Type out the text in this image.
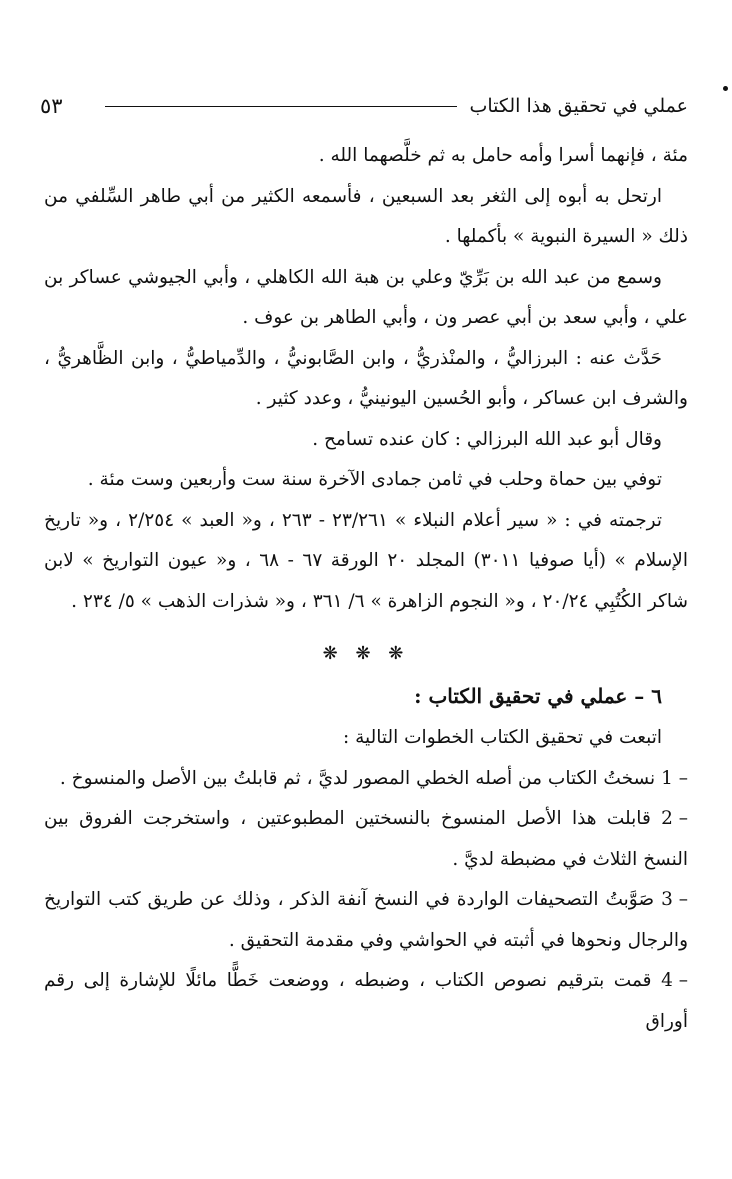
عملي في تحقيق هذا الكتاب
٥٣

مئة ، فإنهما أسرا وأمه حامل به ثم خلَّصهما الله .

ارتحل به أبوه إلى الثغر بعد السبعين ، فأسمعه الكثير من أبي طاهر السِّلفي من ذلك « السيرة النبوية » بأكملها .

وسمع من عبد الله بن بَرِّيّ وعلي بن هبة الله الكاهلي ، وأبي الجيوشي عساكر بن علي ، وأبي سعد بن أبي عصر ون ، وأبي الطاهر بن عوف .

حَدَّث عنه : البرزاليُّ ، والمنْذريُّ ، وابن الصَّابونيُّ ، والدِّمياطيُّ ، وابن الظَّاهريُّ ، والشرف ابن عساكر ، وأبو الحُسين اليونينيُّ ، وعدد كثير .

وقال أبو عبد الله البرزالي : كان عنده تسامح .

توفي بين حماة وحلب في ثامن جمادى الآخرة سنة ست وأربعين وست مئة .

ترجمته في : « سير أعلام النبلاء » ٢٣/٢٦١ - ٢٦٣ ، و« العبد » ٢/٢٥٤ ، و« تاريخ الإسلام » (أيا صوفيا ٣٠١١) المجلد ٢٠ الورقة ٦٧ - ٦٨ ، و« عيون التواريخ » لابن شاكر الكُتُبِي ٢٠/٢٤ ، و« النجوم الزاهرة » ٦/ ٣٦١ ، و« شذرات الذهب » ٥/ ٢٣٤ .

❋ ❋ ❋

٦ – عملي في تحقيق الكتاب :

اتبعت في تحقيق الكتاب الخطوات التالية :

1 – نسختُ الكتاب من أصله الخطي المصور لديَّ ، ثم قابلتُ بين الأصل والمنسوخ .

2 – قابلت هذا الأصل المنسوخ بالنسختين المطبوعتين ، واستخرجت الفروق بين النسخ الثلاث في مضبطة لديَّ .

3 – صَوَّبتُ التصحيفات الواردة في النسخ آنفة الذكر ، وذلك عن طريق كتب التواريخ والرجال ونحوها في أثبته في الحواشي وفي مقدمة التحقيق .

4 – قمت بترقيم نصوص الكتاب ، وضبطه ، ووضعت خَطًّا مائلًا للإشارة إلى رقم أوراق
